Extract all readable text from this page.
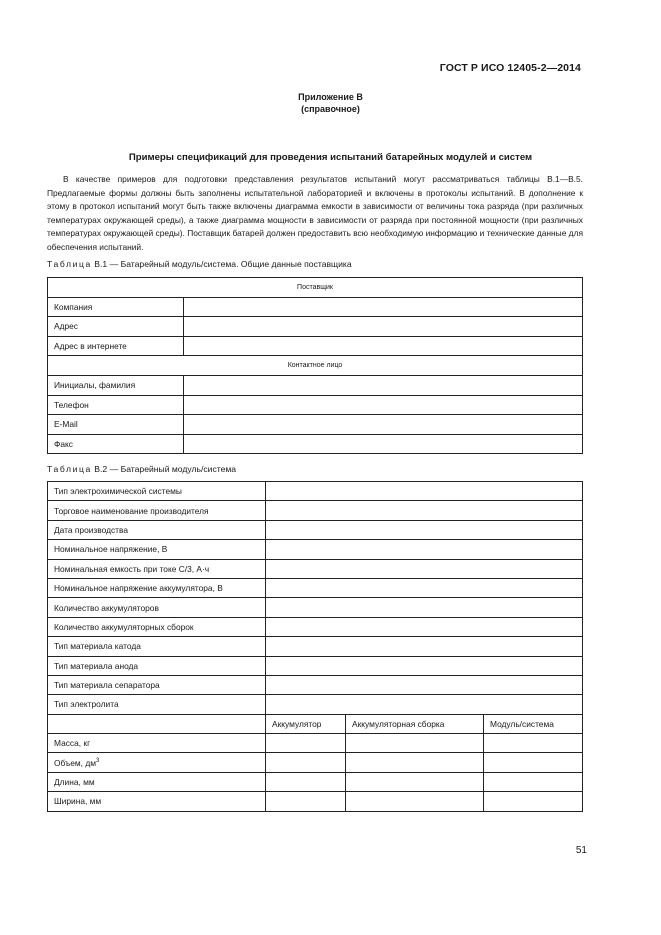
ГОСТ Р ИСО 12405-2—2014
Приложение В
(справочное)
Примеры спецификаций для проведения испытаний батарейных модулей и систем

В качестве примеров для подготовки представления результатов испытаний могут рассматриваться таблицы В.1—В.5. Предлагаемые формы должны быть заполнены испытательной лабораторией и включены в протоколы испытаний. В дополнение к этому в протокол испытаний могут быть также включены диаграмма емкости в зависимости от величины тока разряда (при различных температурах окружающей среды), а также диаграмма мощности в зависимости от разряда при постоянной мощности (при различных температурах окружающей среды). Поставщик батарей должен предоставить всю необходимую информацию и технические данные для обеспечения испытаний.

Таблица В.1 — Батарейный модуль/система. Общие данные поставщика
Поставщик	
Компания	
Адрес	
Адрес в интернете	
Контактное лицо	
Инициалы, фамилия	
Телефон	
E-Mail	
Факс	
Таблица В.2 — Батарейный модуль/система
Тип электрохимической системы			
Торговое наименование производителя			
Дата производства			
Номинальное напряжение, В			
Номинальная емкость при токе С/3, А·ч			
Номинальное напряжение аккумулятора, В			
Количество аккумуляторов			
Количество аккумуляторных сборок			
Тип материала катода			
Тип материала анода			
Тип материала сепаратора			
Тип электролита			
	Аккумулятор	Аккумуляторная сборка	Модуль/система
Масса, кг			
Объем, $дм^3$			
Длина, мм			
Ширина, мм			
51
